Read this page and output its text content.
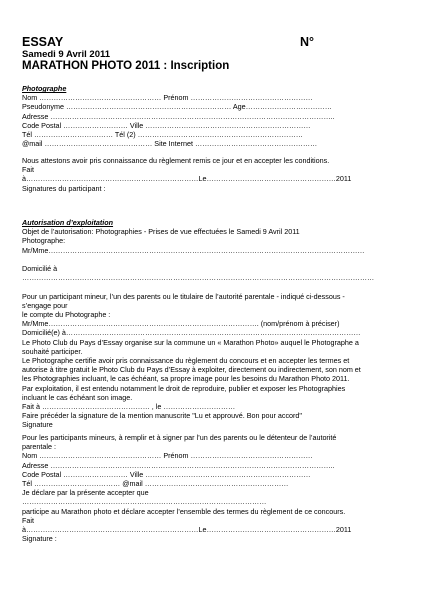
ESSAY	N°
Samedi 9 Avril 2011
MARATHON PHOTO 2011 : Inscription
Photographe
Nom …………………………………………… Prénom ……………………………………………
Pseudonyme …………………………………………………………… Age………………………………
Adresse ………………………………………………………………………………………………………..
Code Postal ……………………… Ville ……………………………………………………………
Tél …………………………… Tél (2) ……………………………………………………………
@mail ……………………………………… Site Internet ……………………………………………
Nous attestons avoir pris connaissance du règlement remis ce jour et en accepter les conditions.
Fait
à………………………………………………………………Le………………………………………………2011
Signatures du participant :
Autorisation d’exploitation
Objet de l’autorisation: Photographies - Prises de vue effectuées le Samedi 9 Avril 2011
Photographe:
Mr/Mme……………………………………………………………………………………………………………………

Domicilié à
…………………………………………………………………………………………………………………………………

Pour un participant mineur, l’un des parents ou le titulaire de l’autorité parentale - indiqué ci-dessous -
s’engage pour
le compte du Photographe :
Mr/Mme……………………………………………………………………………. (nom/prénom à préciser)
Domicilié(e) à……………………………………………………………………………………………………………
Le Photo Club du Pays d’Essay organise sur la commune un « Marathon Photo» auquel le Photographe a
souhaité participer.
Le Photographe certifie avoir pris connaissance du règlement du concours et en accepter les termes et
autorise à titre gratuit le Photo Club du Pays d’Essay à exploiter, directement ou indirectement, son nom et
les Photographies incluant, le cas échéant, sa propre image pour les besoins du Marathon Photo 2011.
Par exploitation, il est entendu notamment le droit de reproduire, publier et exposer les Photographies
incluant le cas échéant son image.
Fait à ……………………………………… , le …………………………
Faire précéder la signature de la mention manuscrite "Lu et approuvé. Bon pour accord"
Signature
Pour les participants mineurs, à remplir et à signer par l’un des parents ou le détenteur de l’autorité
parentale :
Nom …………………………………………… Prénom ……………………………………………
Adresse ………………………………………………………………………………………………………..
Code Postal ……………………… Ville ……………………………………………………………
Tél ……………………………… @mail ……………………………………………………
Je déclare par la présente accepter que
…………………………………………………………………………………………
participe au Marathon photo et déclare accepter l’ensemble des termes du règlement de ce concours.
Fait
à………………………………………………………………Le………………………………………………2011
Signature :
